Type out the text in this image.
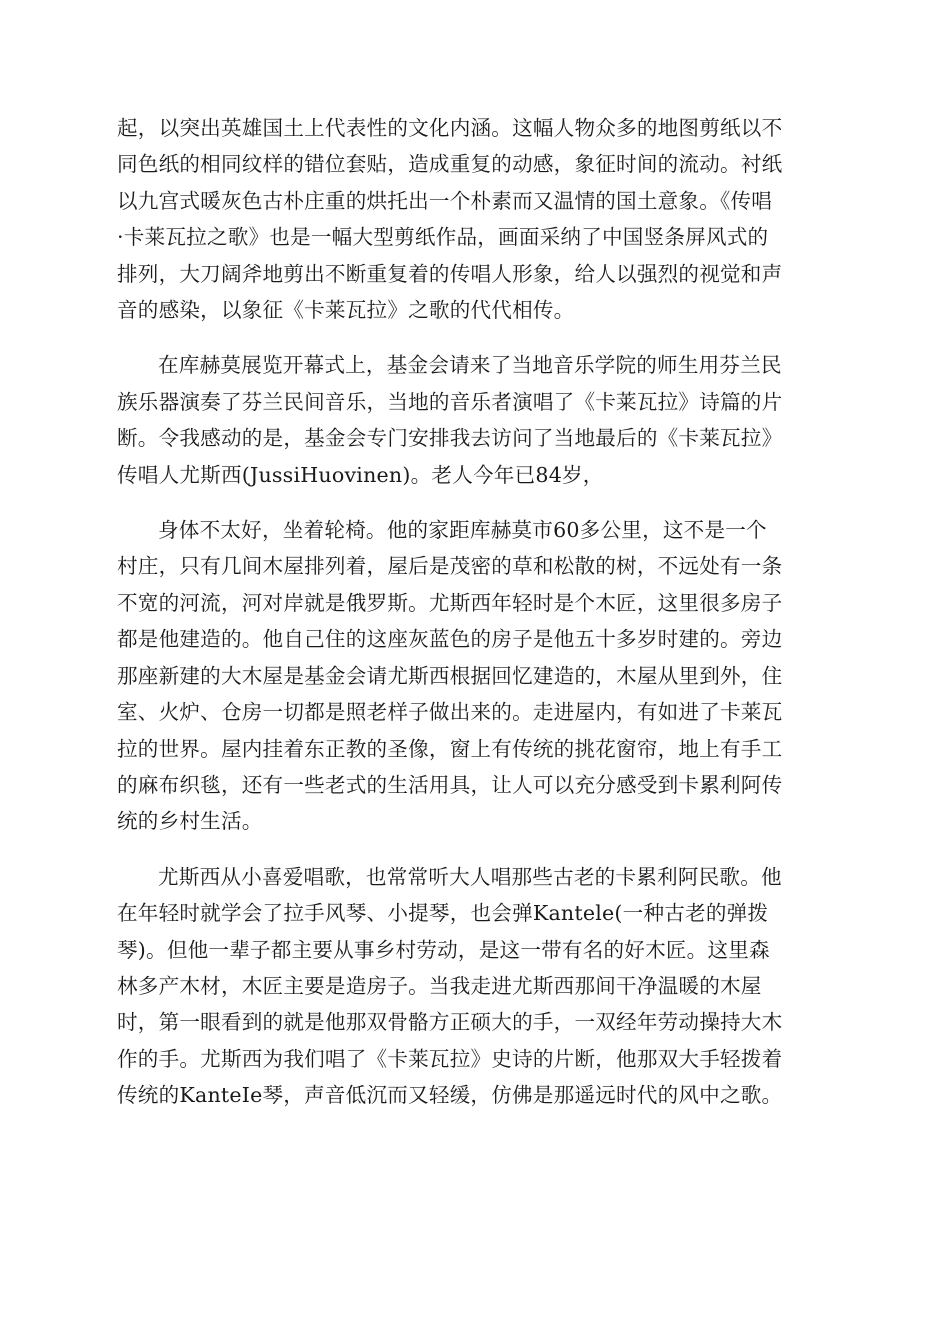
起，以突出英雄国土上代表性的文化内涵。这幅人物众多的地图剪纸以不
同色纸的相同纹样的错位套贴，造成重复的动感，象征时间的流动。衬纸
以九宫式暖灰色古朴庄重的烘托出一个朴素而又温情的国土意象。《传唱
·卡莱瓦拉之歌》也是一幅大型剪纸作品，画面采纳了中国竖条屏风式的
排列，大刀阔斧地剪出不断重复着的传唱人形象，给人以强烈的视觉和声
音的感染，以象征《卡莱瓦拉》之歌的代代相传。

在库赫莫展览开幕式上，基金会请来了当地音乐学院的师生用芬兰民
族乐器演奏了芬兰民间音乐，当地的音乐者演唱了《卡莱瓦拉》诗篇的片
断。令我感动的是，基金会专门安排我去访问了当地最后的《卡莱瓦拉》
传唱人尤斯西(JussiHuovinen)。老人今年已84岁，

身体不太好，坐着轮椅。他的家距库赫莫市60多公里，这不是一个
村庄，只有几间木屋排列着，屋后是茂密的草和松散的树，不远处有一条
不宽的河流，河对岸就是俄罗斯。尤斯西年轻时是个木匠，这里很多房子
都是他建造的。他自己住的这座灰蓝色的房子是他五十多岁时建的。旁边
那座新建的大木屋是基金会请尤斯西根据回忆建造的，木屋从里到外，住
室、火炉、仓房一切都是照老样子做出来的。走进屋内，有如进了卡莱瓦
拉的世界。屋内挂着东正教的圣像，窗上有传统的挑花窗帘，地上有手工
的麻布织毯，还有一些老式的生活用具，让人可以充分感受到卡累利阿传
统的乡村生活。

尤斯西从小喜爱唱歌，也常常听大人唱那些古老的卡累利阿民歌。他
在年轻时就学会了拉手风琴、小提琴，也会弹Kantele(一种古老的弹拨
琴)。但他一辈子都主要从事乡村劳动，是这一带有名的好木匠。这里森
林多产木材，木匠主要是造房子。当我走进尤斯西那间干净温暖的木屋
时，第一眼看到的就是他那双骨骼方正硕大的手，一双经年劳动操持大木
作的手。尤斯西为我们唱了《卡莱瓦拉》史诗的片断，他那双大手轻拨着
传统的KanteIe琴，声音低沉而又轻缓，仿佛是那遥远时代的风中之歌。
